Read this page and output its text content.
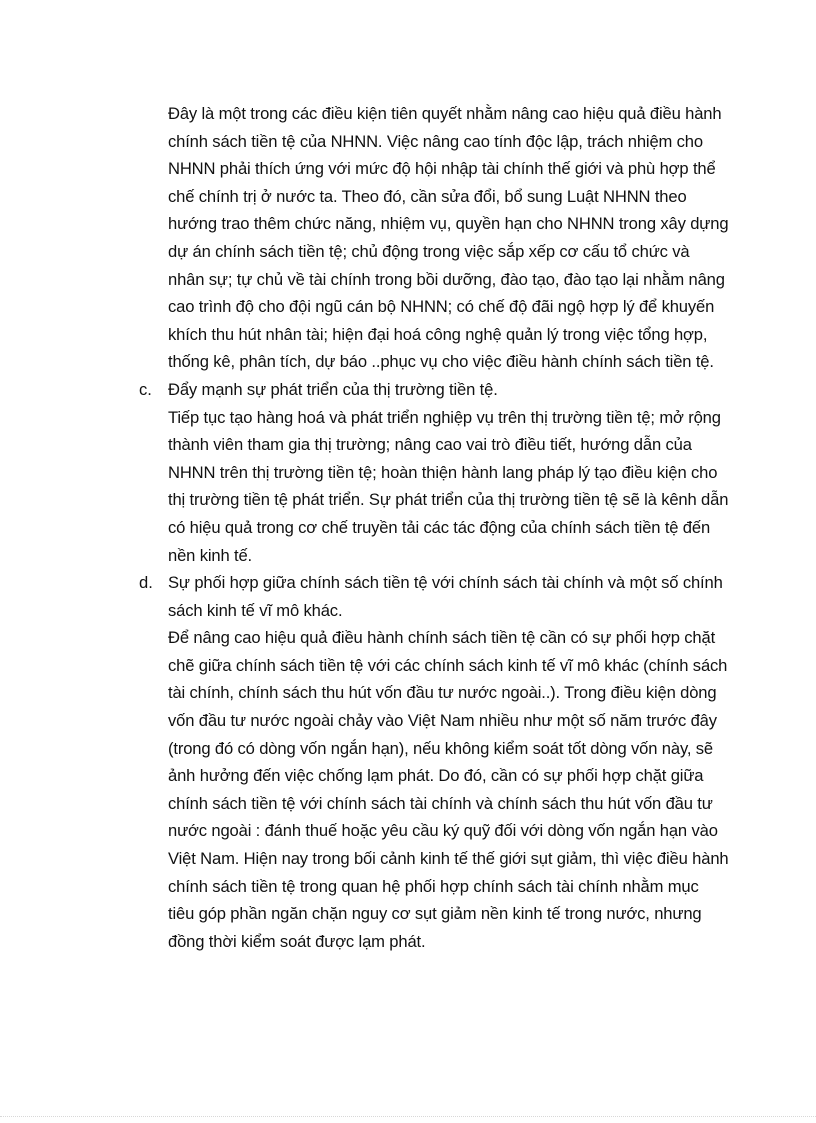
Đây là một trong các điều kiện tiên quyết nhằm nâng cao hiệu quả điều hành chính sách tiền tệ của NHNN. Việc nâng cao tính độc lập, trách nhiệm cho NHNN phải thích ứng với mức độ hội nhập tài chính thế giới và phù hợp thể chế chính trị ở nước ta. Theo đó, cần sửa đổi, bổ sung Luật NHNN theo hướng trao thêm chức năng, nhiệm vụ, quyền hạn cho NHNN trong xây dựng dự án chính sách tiền tệ; chủ động trong việc sắp xếp cơ cấu tổ chức và nhân sự; tự chủ về tài chính trong bồi dưỡng, đào tạo, đào tạo lại nhằm nâng cao trình độ cho đội ngũ cán bộ NHNN; có chế độ đãi ngộ hợp lý để khuyến khích thu hút nhân tài; hiện đại hoá công nghệ quản lý trong việc tổng hợp, thống kê, phân tích, dự báo ..phục vụ cho việc điều hành chính sách tiền tệ.

c. Đẩy mạnh sự phát triển của thị trường tiền tệ.

Tiếp tục tạo hàng hoá và phát triển nghiệp vụ trên thị trường tiền tệ; mở rộng thành viên tham gia thị trường; nâng cao vai trò điều tiết, hướng dẫn của NHNN trên thị trường tiền tệ; hoàn thiện hành lang pháp lý tạo điều kiện cho thị trường tiền tệ phát triển. Sự phát triển của thị trường tiền tệ sẽ là kênh dẫn có hiệu quả trong cơ chế truyền tải các tác động của chính sách tiền tệ đến nền kinh tế.

d. Sự phối hợp giữa chính sách tiền tệ với chính sách tài chính và một số chính sách kinh tế vĩ mô khác.

Để nâng cao hiệu quả điều hành chính sách tiền tệ cần có sự phối hợp chặt chẽ giữa chính sách tiền tệ với các chính sách kinh tế vĩ mô khác (chính sách tài chính, chính sách thu hút vốn đầu tư nước ngoài..). Trong điều kiện dòng vốn đầu tư nước ngoài chảy vào Việt Nam nhiều như một số năm trước đây (trong đó có dòng vốn ngắn hạn), nếu không kiểm soát tốt dòng vốn này, sẽ ảnh hưởng đến việc chống lạm phát. Do đó, cần có sự phối hợp chặt giữa chính sách tiền tệ với chính sách tài chính và chính sách thu hút vốn đầu tư nước ngoài : đánh thuế hoặc yêu cầu ký quỹ đối với dòng vốn ngắn hạn vào Việt Nam. Hiện nay trong bối cảnh kinh tế thế giới sụt giảm, thì việc điều hành chính sách tiền tệ trong quan hệ phối hợp chính sách tài chính nhằm mục tiêu góp phần ngăn chặn nguy cơ sụt giảm nền kinh tế trong nước, nhưng đồng thời kiểm soát được lạm phát.
